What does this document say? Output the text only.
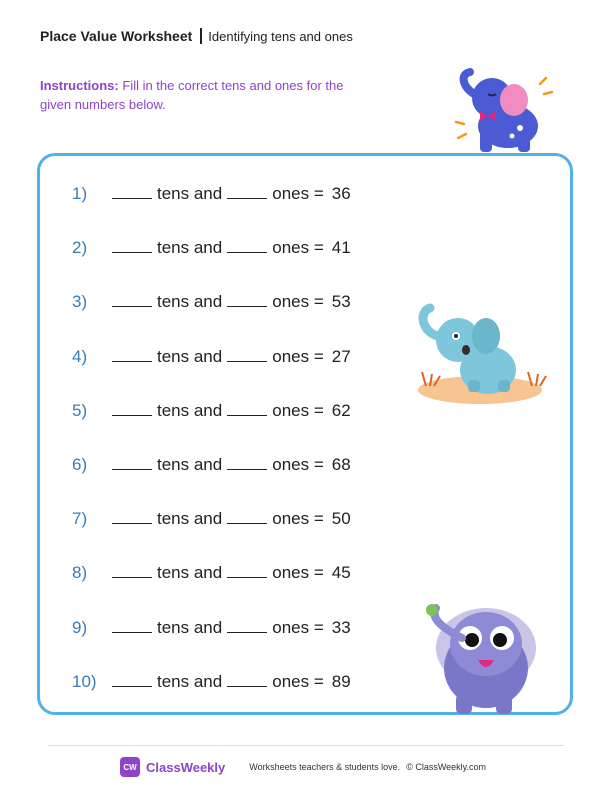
Place Value Worksheet Identifying tens and ones
Instructions: Fill in the correct tens and ones for the given numbers below.
1)	tens and	ones = 36
2)	tens and	ones = 41
3)	tens and	ones = 53
4)	tens and	ones = 27
5)	tens and	ones = 62
6)	tens and	ones = 68
7)	tens and	ones = 50
8)	tens and	ones = 45
9)	tens and	ones = 33
10)	tens and	ones = 89
CW ClassWeekly	Worksheets teachers & students love. © ClassWeekly.com
